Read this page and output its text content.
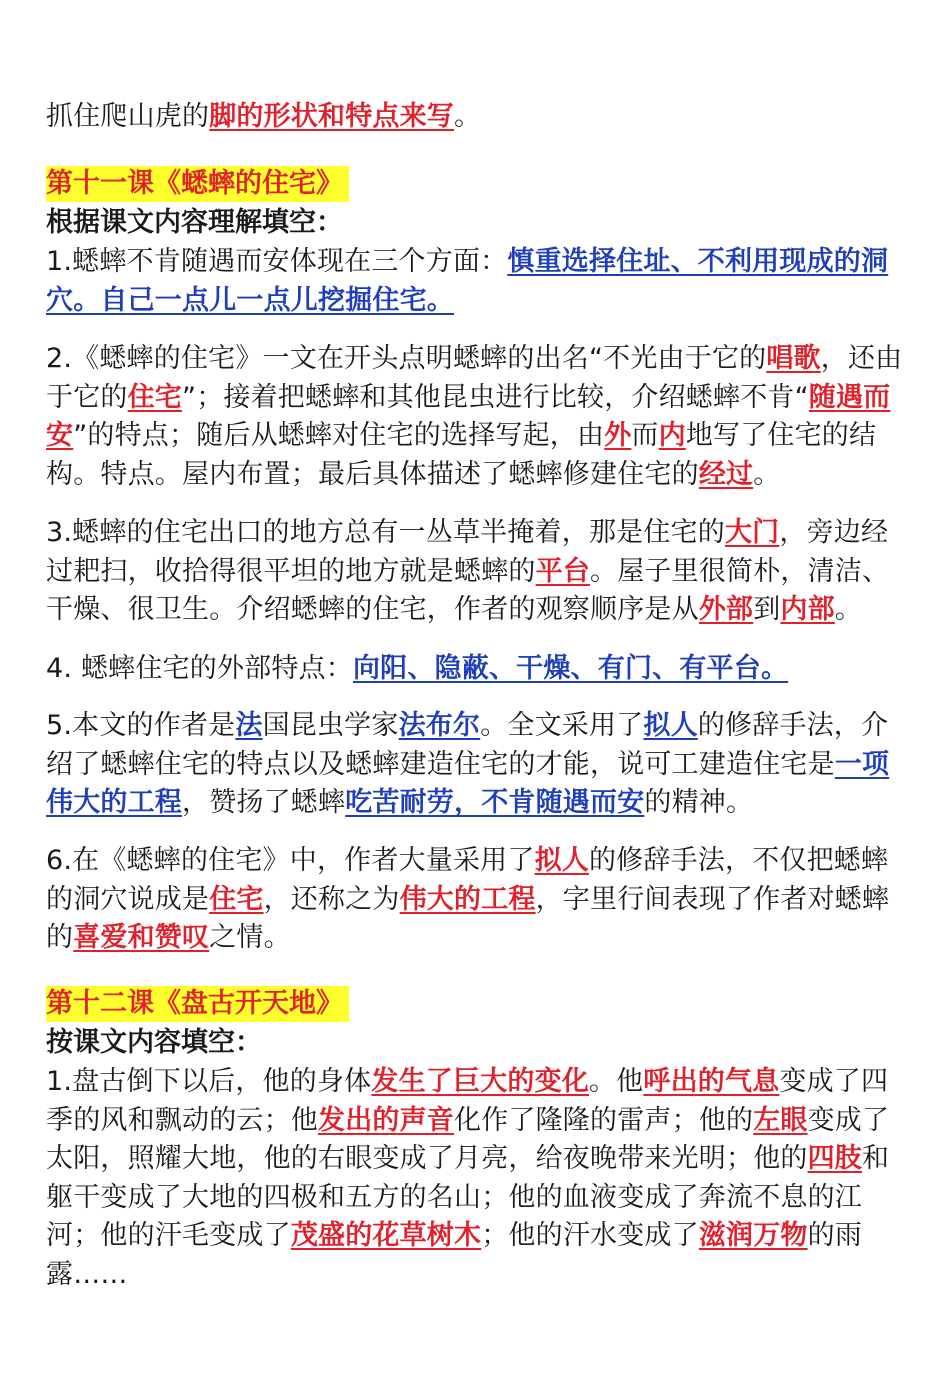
抓住爬山虎的脚的形状和特点来写。

第十一课《蟋蟀的住宅》

根据课文内容理解填空：

1.蟋蟀不肯随遇而安体现在三个方面：慎重选择住址、不利用现成的洞穴。自己一点儿一点儿挖掘住宅。

2.《蟋蟀的住宅》一文在开头点明蟋蟀的出名“不光由于它的唱歌，还由于它的住宅”；接着把蟋蟀和其他昆虫进行比较，介绍蟋蟀不肯“随遇而安”的特点；随后从蟋蟀对住宅的选择写起，由外而内地写了住宅的结构。特点。屋内布置；最后具体描述了蟋蟀修建住宅的经过。

3.蟋蟀的住宅出口的地方总有一丛草半掩着，那是住宅的大门，旁边经过耙扫，收拾得很平坦的地方就是蟋蟀的平台。屋子里很简朴，清洁、干燥、很卫生。介绍蟋蟀的住宅，作者的观察顺序是从外部到内部。

4. 蟋蟀住宅的外部特点：向阳、隐蔽、干燥、有门、有平台。

5.本文的作者是法国昆虫学家法布尔。全文采用了拟人的修辞手法，介绍了蟋蟀住宅的特点以及蟋蟀建造住宅的才能，说可工建造住宅是一项伟大的工程，赞扬了蟋蟀吃苦耐劳，不肯随遇而安的精神。

6.在《蟋蟀的住宅》中，作者大量采用了拟人的修辞手法，不仅把蟋蟀的洞穴说成是住宅，还称之为伟大的工程，字里行间表现了作者对蟋蟀的喜爱和赞叹之情。

第十二课《盘古开天地》

按课文内容填空：

1.盘古倒下以后，他的身体发生了巨大的变化。他呼出的气息变成了四季的风和飘动的云；他发出的声音化作了隆隆的雷声；他的左眼变成了太阳，照耀大地，他的右眼变成了月亮，给夜晚带来光明；他的四肢和躯干变成了大地的四极和五方的名山；他的血液变成了奔流不息的江河；他的汗毛变成了茂盛的花草树木；他的汗水变成了滋润万物的雨露……
